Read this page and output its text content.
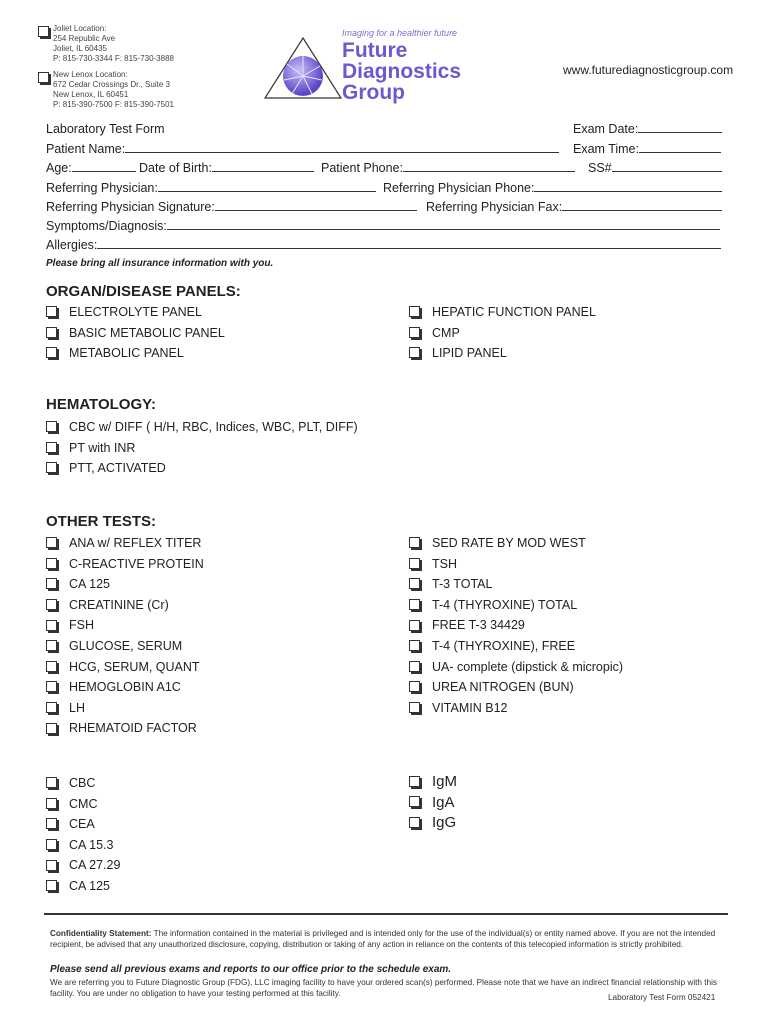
Joliet Location:
254 Republic Ave
Joliet, IL 60435
P: 815-730-3344 F: 815-730-3888
New Lenox Location:
672 Cedar Crossings Dr., Suite 3
New Lenox, IL 60451
P: 815-390-7500 F: 815-390-7501
Imaging for a healthier future
Future
Diagnostics
Group
www.futurediagnosticgroup.com
Laboratory Test Form	Exam Date:
Patient Name:	Exam Time:
Age:	Date of Birth:	Patient Phone:	SS#
Referring Physician:	Referring Physician Phone:
Referring Physician Signature:	Referring Physician Fax:
Symptoms/Diagnosis:
Allergies:
Please bring all insurance information with you.
ORGAN/DISEASE PANELS:
ELECTROLYTE PANEL
BASIC METABOLIC PANEL
METABOLIC PANEL
HEPATIC FUNCTION PANEL
CMP
LIPID PANEL
HEMATOLOGY:
CBC w/ DIFF ( H/H, RBC, Indices, WBC, PLT, DIFF)
PT with INR
PTT, ACTIVATED
OTHER TESTS:
ANA w/ REFLEX TITER
C-REACTIVE PROTEIN
CA 125
CREATININE (Cr)
FSH
GLUCOSE, SERUM
HCG, SERUM, QUANT
HEMOGLOBIN A1C
LH
RHEMATOID FACTOR
SED RATE BY MOD WEST
TSH
T-3 TOTAL
T-4 (THYROXINE) TOTAL
FREE T-3 34429
T-4 (THYROXINE), FREE
UA- complete (dipstick & micropic)
UREA NITROGEN (BUN)
VITAMIN B12
CBC
CMC
CEA
CA 15.3
CA 27.29
CA 125
IgM
IgA
IgG
Confidentiality Statement: The information contained in the material is privileged and is intended only for the use of the individual(s) or entity named above. If you are not the intended recipient, be advised that any unauthorized disclosure, copying, distribution or taking of any action in reliance on the contents of this telecopied information is strictly prohibited.
Please send all previous exams and reports to our office prior to the schedule exam.
We are referring you to Future Diagnostic Group (FDG), LLC imaging facility to have your ordered scan(s) performed. Please note that we have an indirect financial relationship with this facility. You are under no obligation to have your testing performed at this facility.	Laboratory Test Form 052421
